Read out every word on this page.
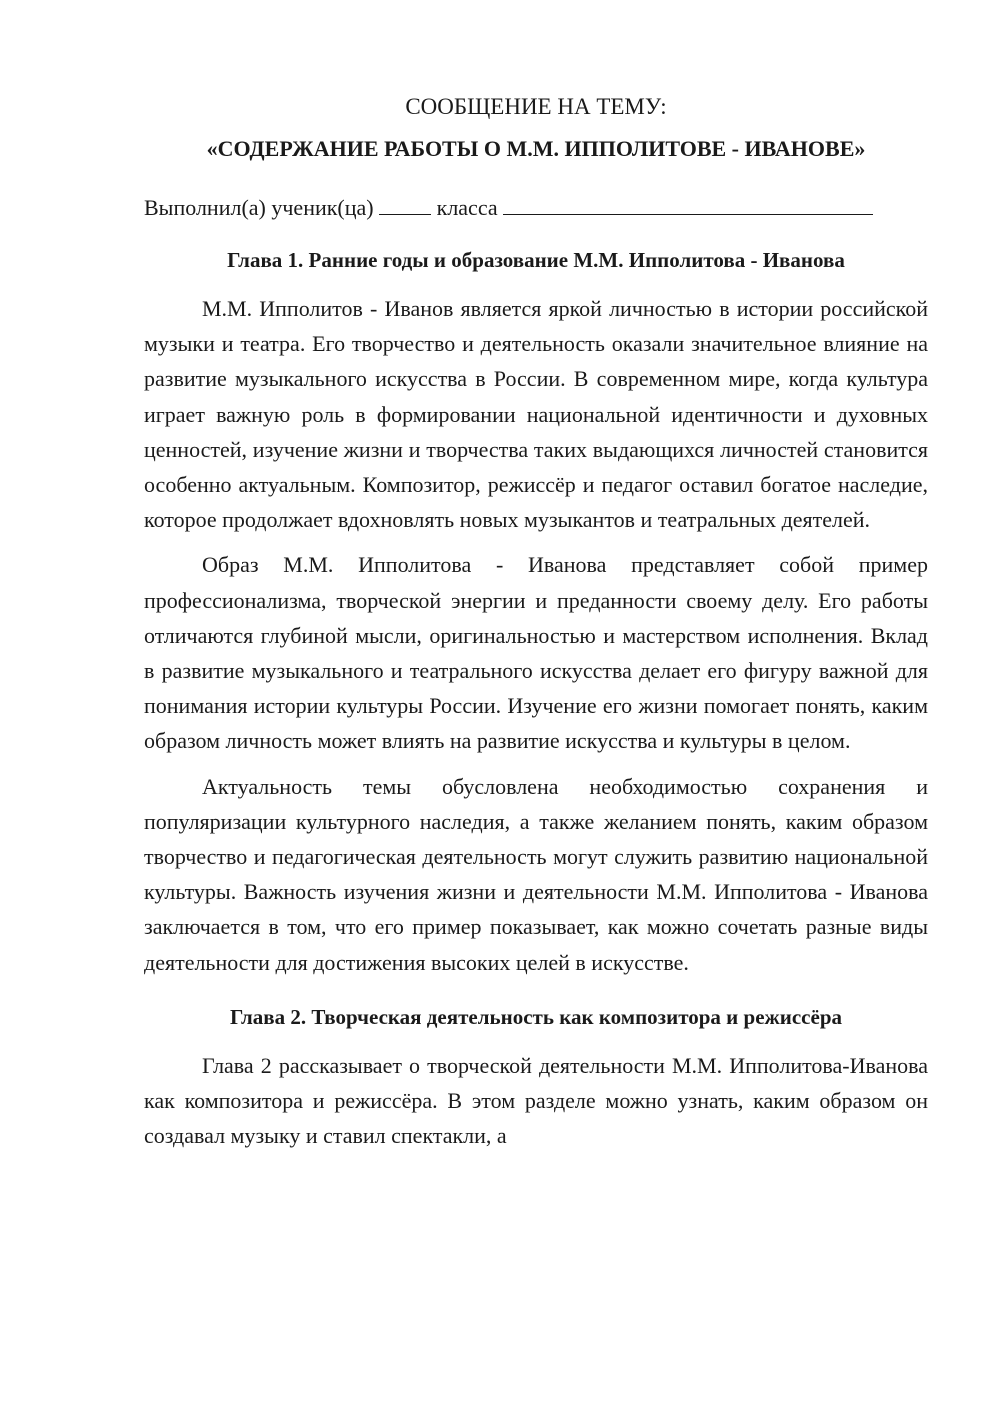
СООБЩЕНИЕ НА ТЕМУ:
«СОДЕРЖАНИЕ РАБОТЫ О М.М. ИППОЛИТОВЕ - ИВАНОВЕ»
Выполнил(а) ученик(ца)	класса
Глава 1. Ранние годы и образование М.М. Ипполитова - Иванова

М.М. Ипполитов - Иванов является яркой личностью в истории российской музыки и театра. Его творчество и деятельность оказали значительное влияние на развитие музыкального искусства в России. В современном мире, когда культура играет важную роль в формировании национальной идентичности и духовных ценностей, изучение жизни и творчества таких выдающихся личностей становится особенно актуальным. Композитор, режиссёр и педагог оставил богатое наследие, которое продолжает вдохновлять новых музыкантов и театральных деятелей.

Образ М.М. Ипполитова - Иванова представляет собой пример профессионализма, творческой энергии и преданности своему делу. Его работы отличаются глубиной мысли, оригинальностью и мастерством исполнения. Вклад в развитие музыкального и театрального искусства делает его фигуру важной для понимания истории культуры России. Изучение его жизни помогает понять, каким образом личность может влиять на развитие искусства и культуры в целом.

Актуальность темы обусловлена необходимостью сохранения и популяризации культурного наследия, а также желанием понять, каким образом творчество и педагогическая деятельность могут служить развитию национальной культуры. Важность изучения жизни и деятельности М.М. Ипполитова - Иванова заключается в том, что его пример показывает, как можно сочетать разные виды деятельности для достижения высоких целей в искусстве.

Глава 2. Творческая деятельность как композитора и режиссёра

Глава 2 рассказывает о творческой деятельности М.М. Ипполитова-Иванова как композитора и режиссёра. В этом разделе можно узнать, каким образом он создавал музыку и ставил спектакли, а
